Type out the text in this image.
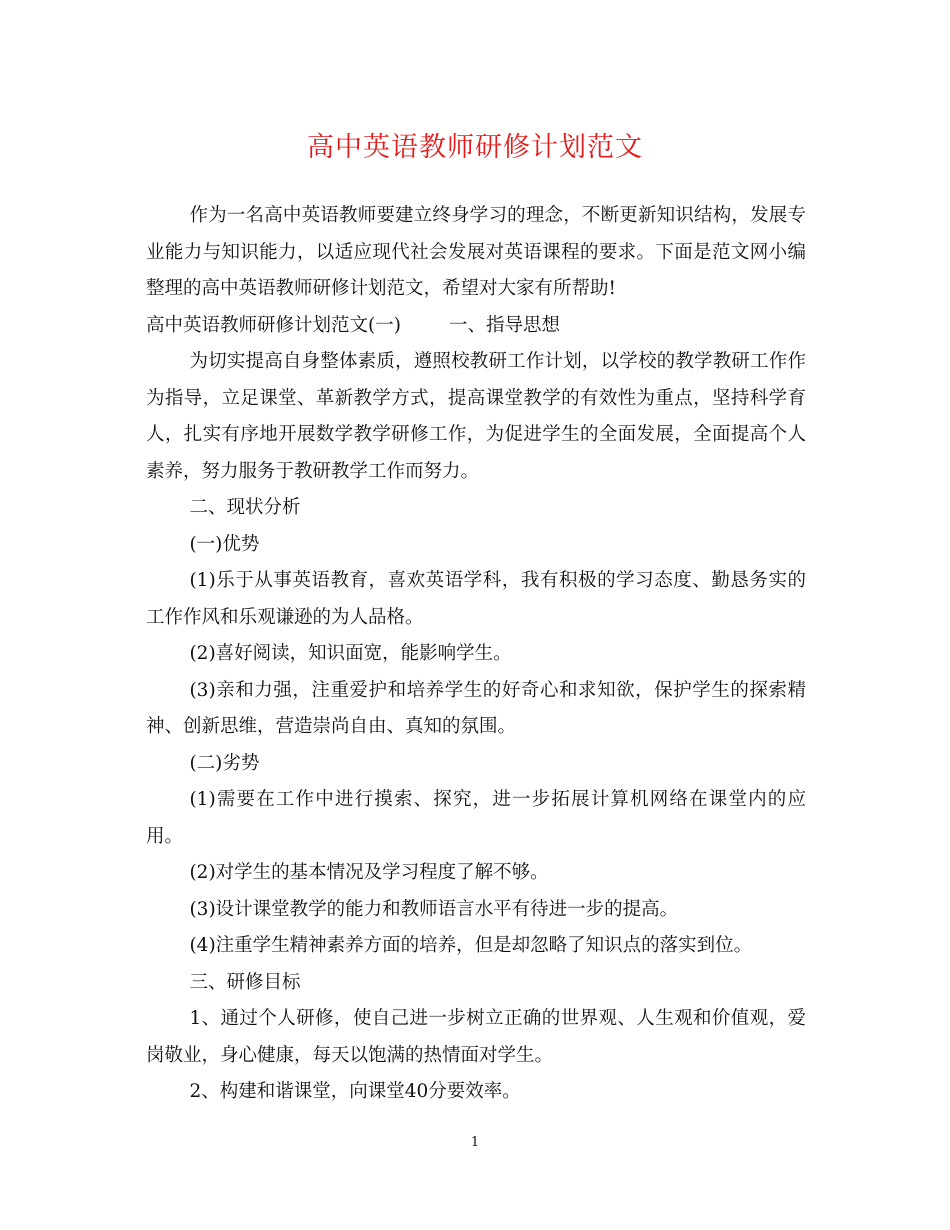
高中英语教师研修计划范文

作为一名高中英语教师要建立终身学习的理念，不断更新知识结构，发展专业能力与知识能力，以适应现代社会发展对英语课程的要求。下面是范文网小编整理的高中英语教师研修计划范文，希望对大家有所帮助!

高中英语教师研修计划范文(一)	一、指导思想

为切实提高自身整体素质，遵照校教研工作计划，以学校的教学教研工作作为指导，立足课堂、革新教学方式，提高课堂教学的有效性为重点，坚持科学育人，扎实有序地开展数学教学研修工作，为促进学生的全面发展，全面提高个人素养，努力服务于教研教学工作而努力。

二、现状分析

(一)优势

(1)乐于从事英语教育，喜欢英语学科，我有积极的学习态度、勤恳务实的工作作风和乐观谦逊的为人品格。

(2)喜好阅读，知识面宽，能影响学生。

(3)亲和力强，注重爱护和培养学生的好奇心和求知欲，保护学生的探索精神、创新思维，营造崇尚自由、真知的氛围。

(二)劣势

(1)需要在工作中进行摸索、探究，进一步拓展计算机网络在课堂内的应用。

(2)对学生的基本情况及学习程度了解不够。

(3)设计课堂教学的能力和教师语言水平有待进一步的提高。

(4)注重学生精神素养方面的培养，但是却忽略了知识点的落实到位。

三、研修目标

1、通过个人研修，使自己进一步树立正确的世界观、人生观和价值观，爱岗敬业，身心健康，每天以饱满的热情面对学生。

2、构建和谐课堂，向课堂40分要效率。

1
